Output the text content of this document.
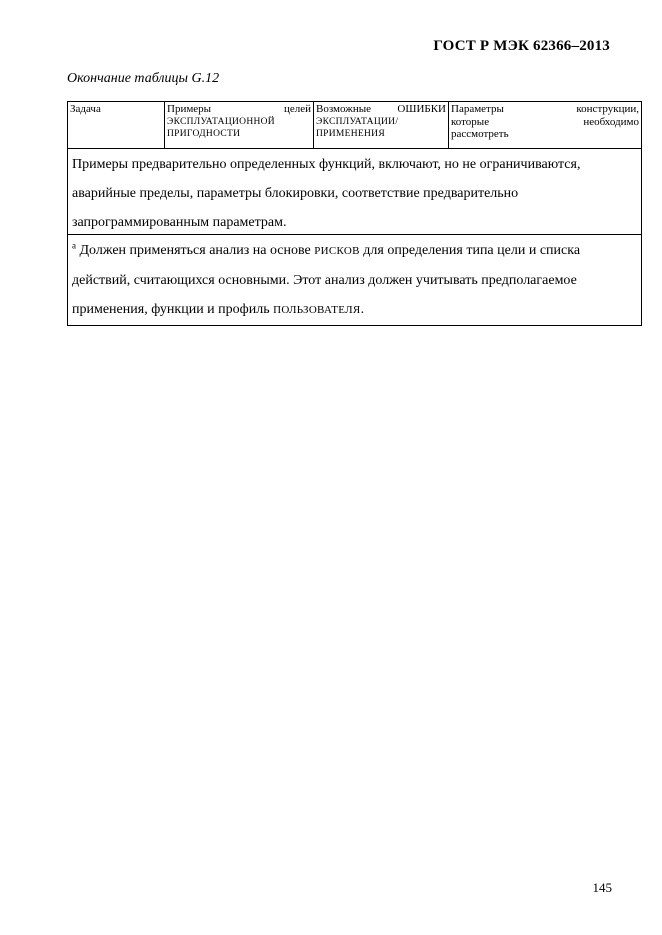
ГОСТ Р МЭК 62366–2013
Окончание таблицы G.12
Задача	Примеры целей
ЭКСПЛУАТАЦИОННОЙ
ПРИГОДНОСТИ
Возможные ОШИБКИ
ЭКСПЛУАТАЦИИ/
ПРИМЕНЕНИЯ
Параметры конструкции,
которые необходимо
рассмотреть
Примеры предварительно определенных функций, включают, но не ограничиваются, аварийные пределы, параметры блокировки, соответствие предварительно запрограммированным параметрам.
$^a$ Должен применяться анализ на основе РИСКОВ для определения типа цели и списка действий, считающихся основными. Этот анализ должен учитывать предполагаемое применения, функции и профиль ПОЛЬЗОВАТЕЛЯ.
145
